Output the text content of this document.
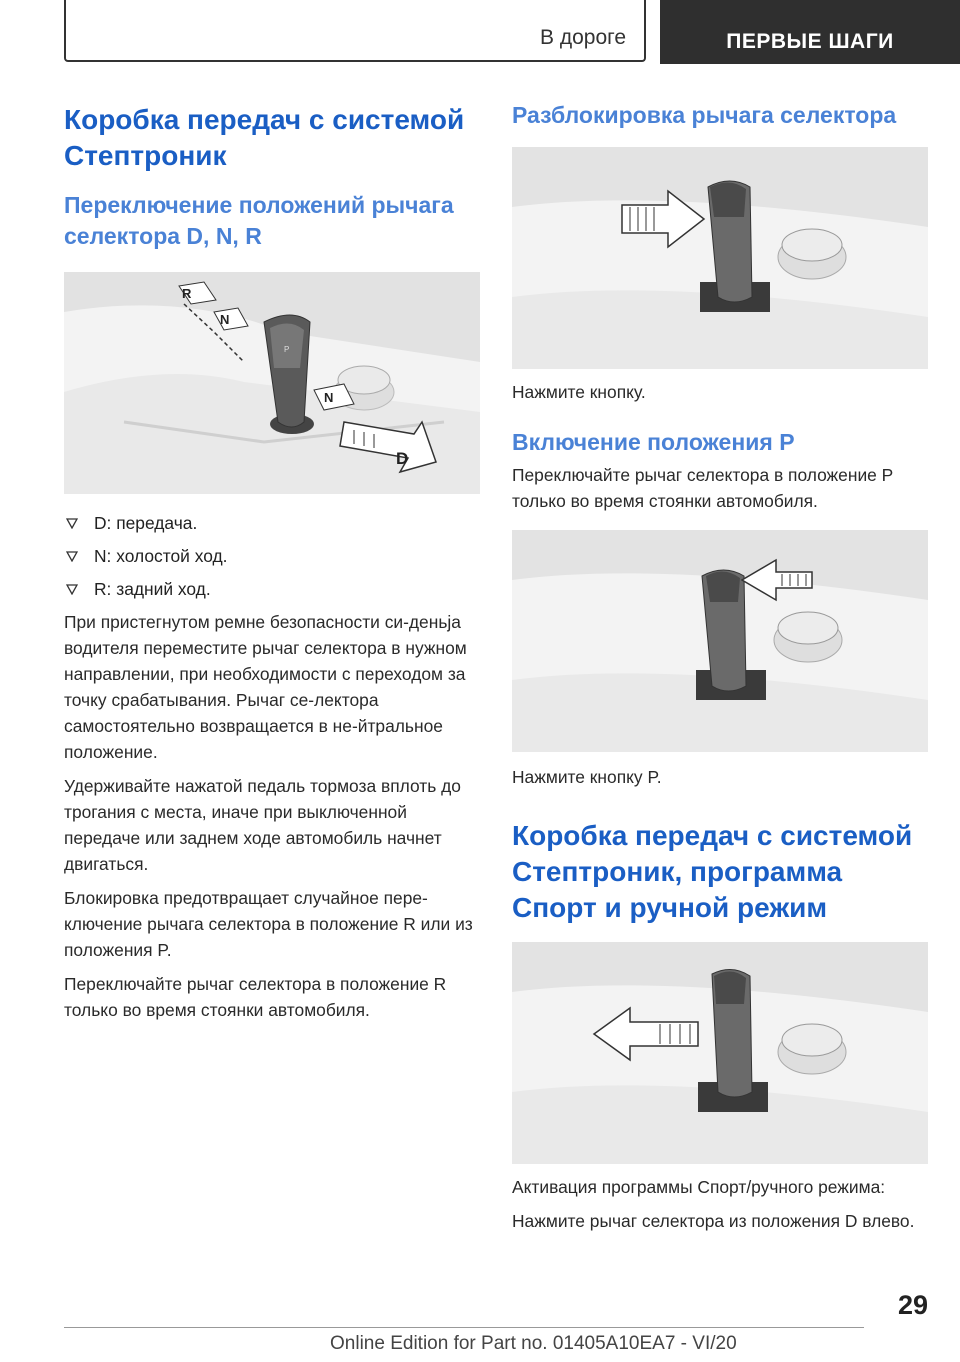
В дороге	ПЕРВЫЕ ШАГИ
Коробка передач с системой Стептроник
Переключение положений рычага селектора D, N, R
P
R
N
N
D
D: передача.
N: холостой ход.
R: задний ход.

При пристегнутом ремне безопасности си-деньја водителя переместите рычаг селектора в нужном направлении, при необходимости с переходом за точку срабатывания. Рычаг се-лектора самостоятельно возвращается в не-йтральное положение.

Удерживайте нажатой педаль тормоза вплоть до трогания с места, иначе при выключенной передаче или заднем ходе автомобиль начнет двигаться.

Блокировка предотвращает случайное пере-ключение рычага селектора в положение R или из положения P.

Переключайте рычаг селектора в положение R только во время стоянки автомобиля.

Разблокировка рычага селектора

Нажмите кнопку.

Включение положения P

Переключайте рычаг селектора в положение P только во время стоянки автомобиля.

Нажмите кнопку P.

Коробка передач с системой Стептроник, программа Спорт и ручной режим

Активация программы Спорт/ручного режима:

Нажмите рычаг селектора из положения D влево.

29
Online Edition for Part no. 01405A10EA7 - VI/20
